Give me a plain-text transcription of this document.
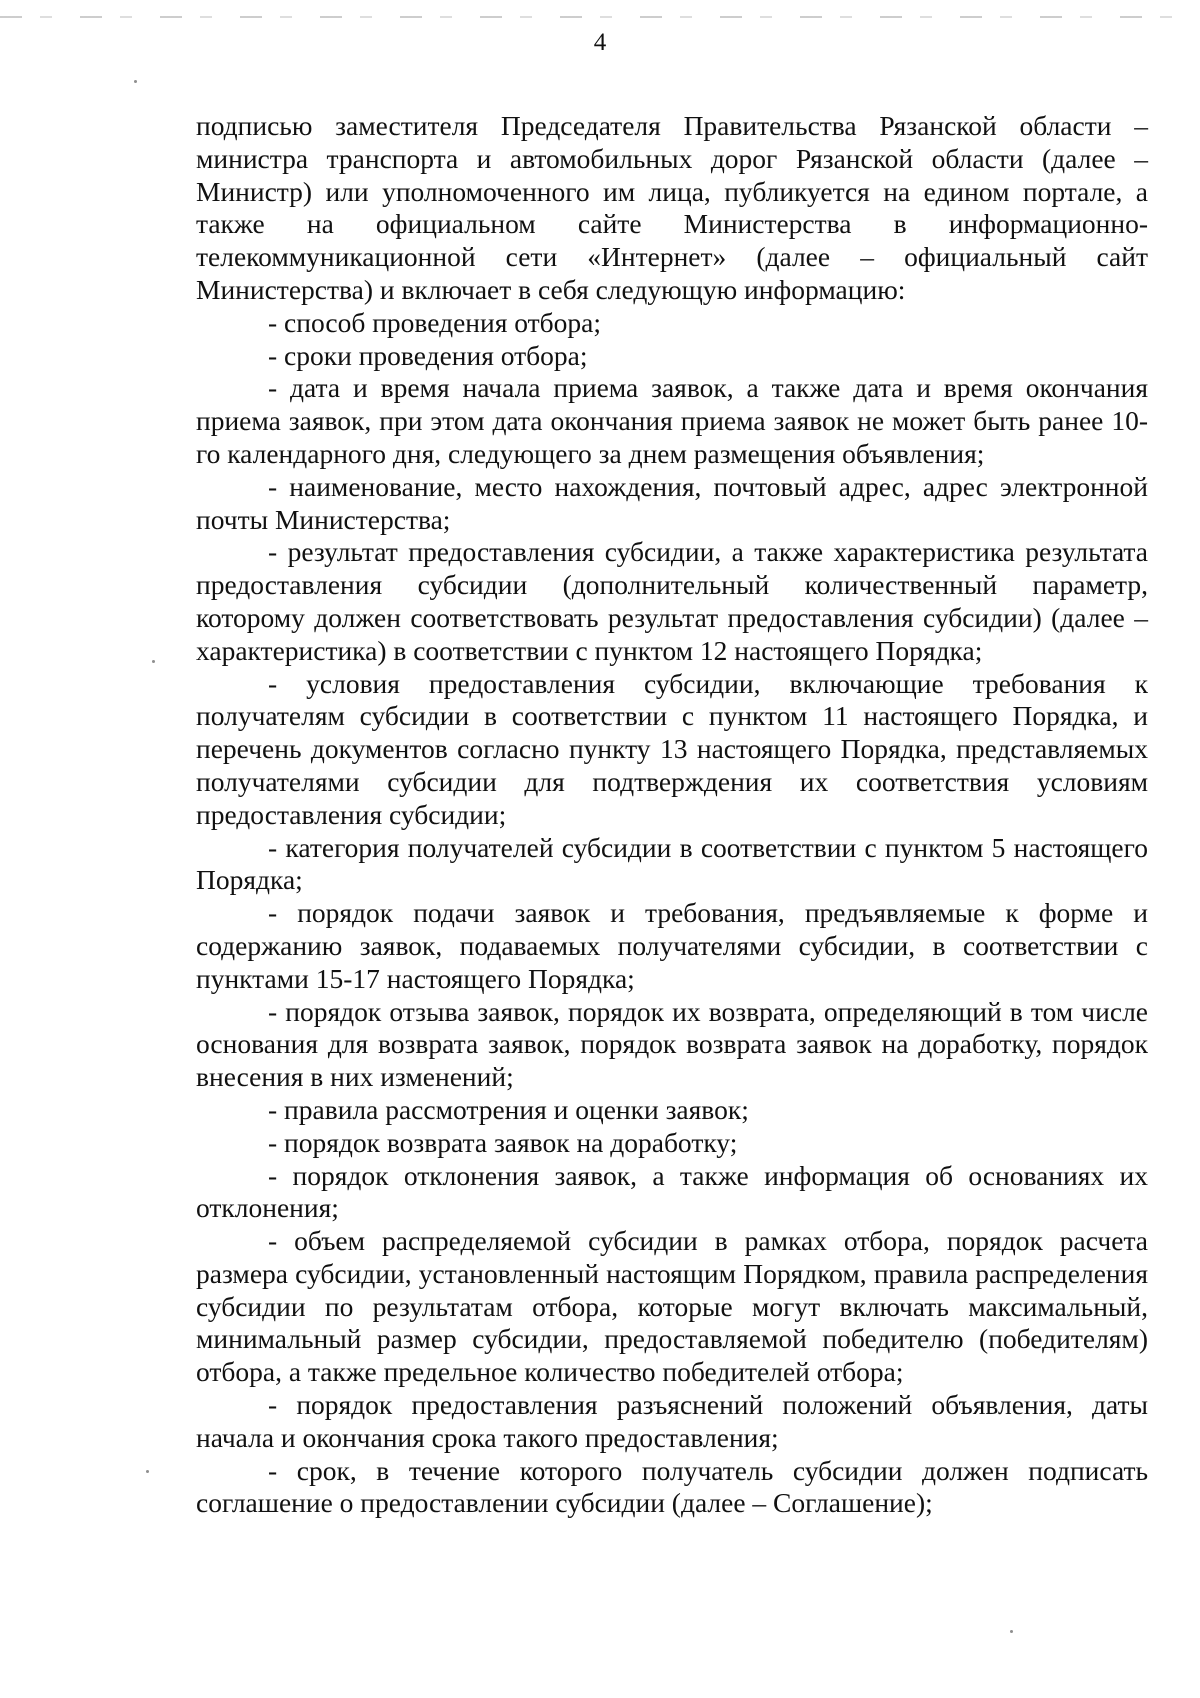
4

подписью заместителя Председателя Правительства Рязанской области – министра транспорта и автомобильных дорог Рязанской области (далее – Министр) или уполномоченного им лица, публикуется на едином портале, а также на официальном сайте Министерства в информационно-телекоммуникационной сети «Интернет» (далее – официальный сайт Министерства) и включает в себя следующую информацию:

- способ проведения отбора;

- сроки проведения отбора;

- дата и время начала приема заявок, а также дата и время окончания приема заявок, при этом дата окончания приема заявок не может быть ранее 10-го календарного дня, следующего за днем размещения объявления;

- наименование, место нахождения, почтовый адрес, адрес электронной почты Министерства;

- результат предоставления субсидии, а также характеристика результата предоставления субсидии (дополнительный количественный параметр, которому должен соответствовать результат предоставления субсидии) (далее – характеристика) в соответствии с пунктом 12 настоящего Порядка;

- условия предоставления субсидии, включающие требования к получателям субсидии в соответствии с пунктом 11 настоящего Порядка, и перечень документов согласно пункту 13 настоящего Порядка, представляемых получателями субсидии для подтверждения их соответствия условиям предоставления субсидии;

- категория получателей субсидии в соответствии с пунктом 5 настоящего Порядка;

- порядок подачи заявок и требования, предъявляемые к форме и содержанию заявок, подаваемых получателями субсидии, в соответствии с пунктами 15-17 настоящего Порядка;

- порядок отзыва заявок, порядок их возврата, определяющий в том числе основания для возврата заявок, порядок возврата заявок на доработку, порядок внесения в них изменений;

- правила рассмотрения и оценки заявок;

- порядок возврата заявок на доработку;

- порядок отклонения заявок, а также информация об основаниях их отклонения;

- объем распределяемой субсидии в рамках отбора, порядок расчета размера субсидии, установленный настоящим Порядком, правила распределения субсидии по результатам отбора, которые могут включать максимальный, минимальный размер субсидии, предоставляемой победителю (победителям) отбора, а также предельное количество победителей отбора;

- порядок предоставления разъяснений положений объявления, даты начала и окончания срока такого предоставления;

- срок, в течение которого получатель субсидии должен подписать соглашение о предоставлении субсидии (далее – Соглашение);
